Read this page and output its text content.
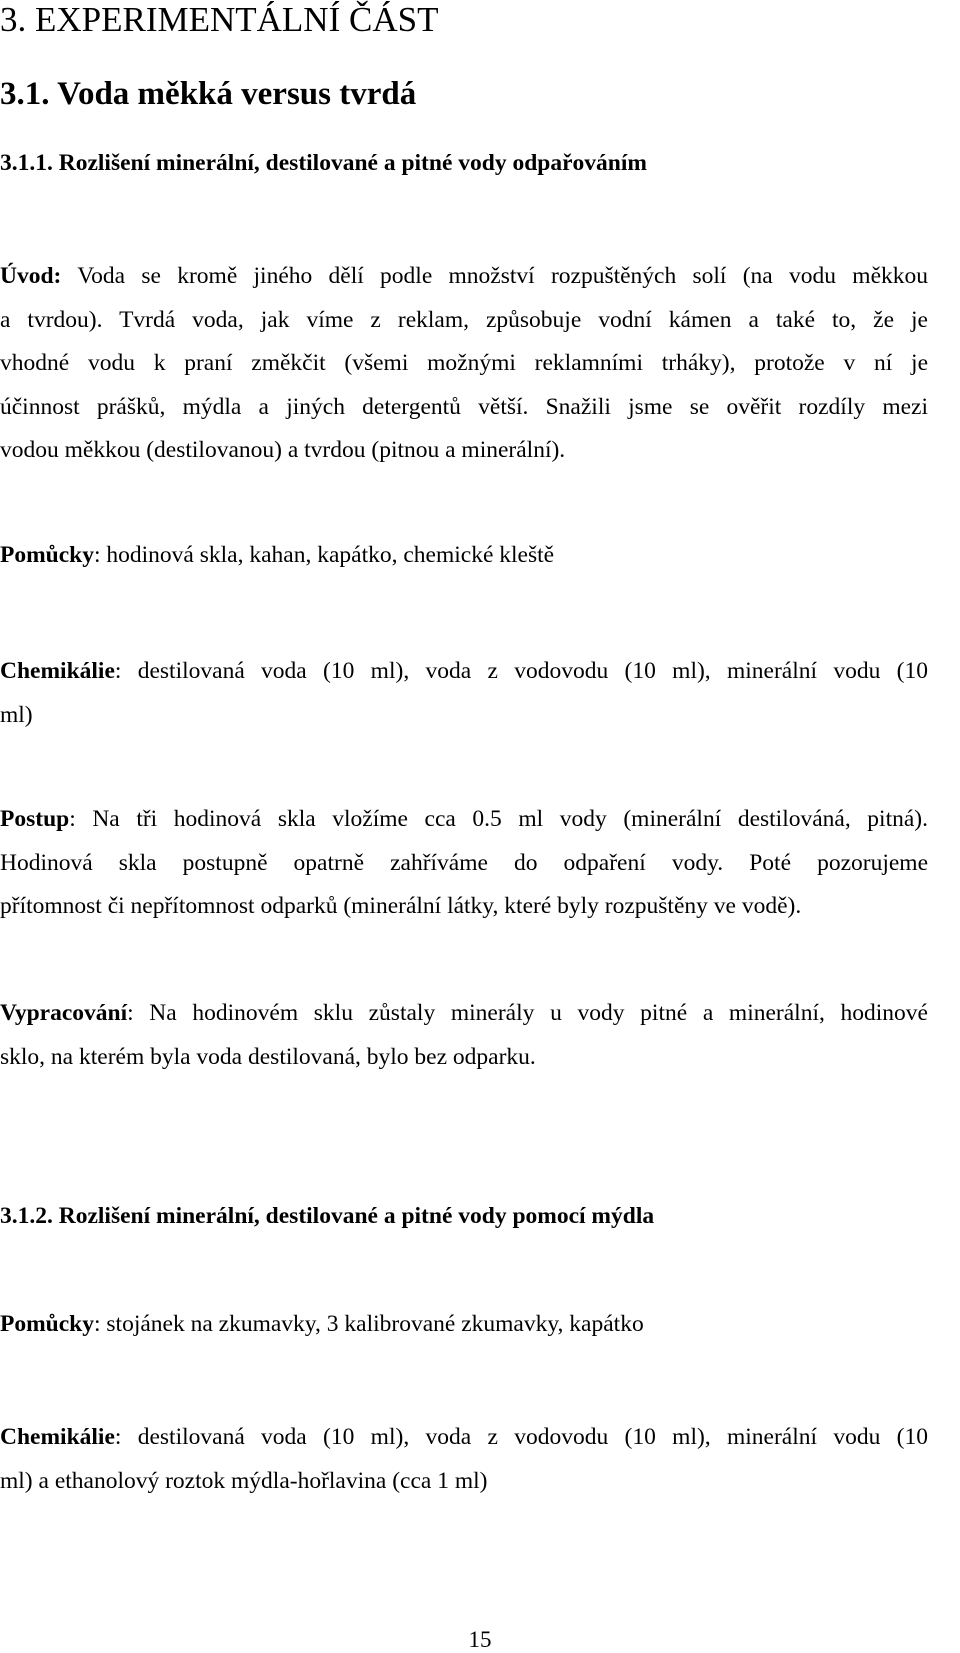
3. EXPERIMENTÁLNÍ ČÁST
3.1. Voda měkká versus tvrdá
3.1.1. Rozlišení minerální, destilované a pitné vody odpařováním

Úvod: Voda se kromě jiného dělí podle množství rozpuštěných solí (na vodu měkkou

a tvrdou). Tvrdá voda, jak víme z reklam, způsobuje vodní kámen a také to, že je

vhodné vodu k praní změkčit (všemi možnými reklamními trháky), protože v ní je

účinnost prášků, mýdla a jiných detergentů větší. Snažili jsme se ověřit rozdíly mezi

vodou měkkou (destilovanou) a tvrdou (pitnou a minerální).

Pomůcky: hodinová skla, kahan, kapátko, chemické kleště

Chemikálie: destilovaná voda (10 ml), voda z vodovodu (10 ml), minerální vodu (10

ml)

Postup: Na tři hodinová skla vložíme cca 0.5 ml vody (minerální destilováná, pitná).

Hodinová skla postupně opatrně zahříváme do odpaření vody. Poté pozorujeme

přítomnost či nepřítomnost odparků (minerální látky, které byly rozpuštěny ve vodě).

Vypracování: Na hodinovém sklu zůstaly minerály u vody pitné a minerální, hodinové

sklo, na kterém byla voda destilovaná, bylo bez odparku.

3.1.2. Rozlišení minerální, destilované a pitné vody pomocí mýdla
Pomůcky: stojánek na zkumavky, 3 kalibrované zkumavky, kapátko

Chemikálie: destilovaná voda (10 ml), voda z vodovodu (10 ml), minerální vodu (10

ml) a ethanolový roztok mýdla-hořlavina (cca 1 ml)

15
